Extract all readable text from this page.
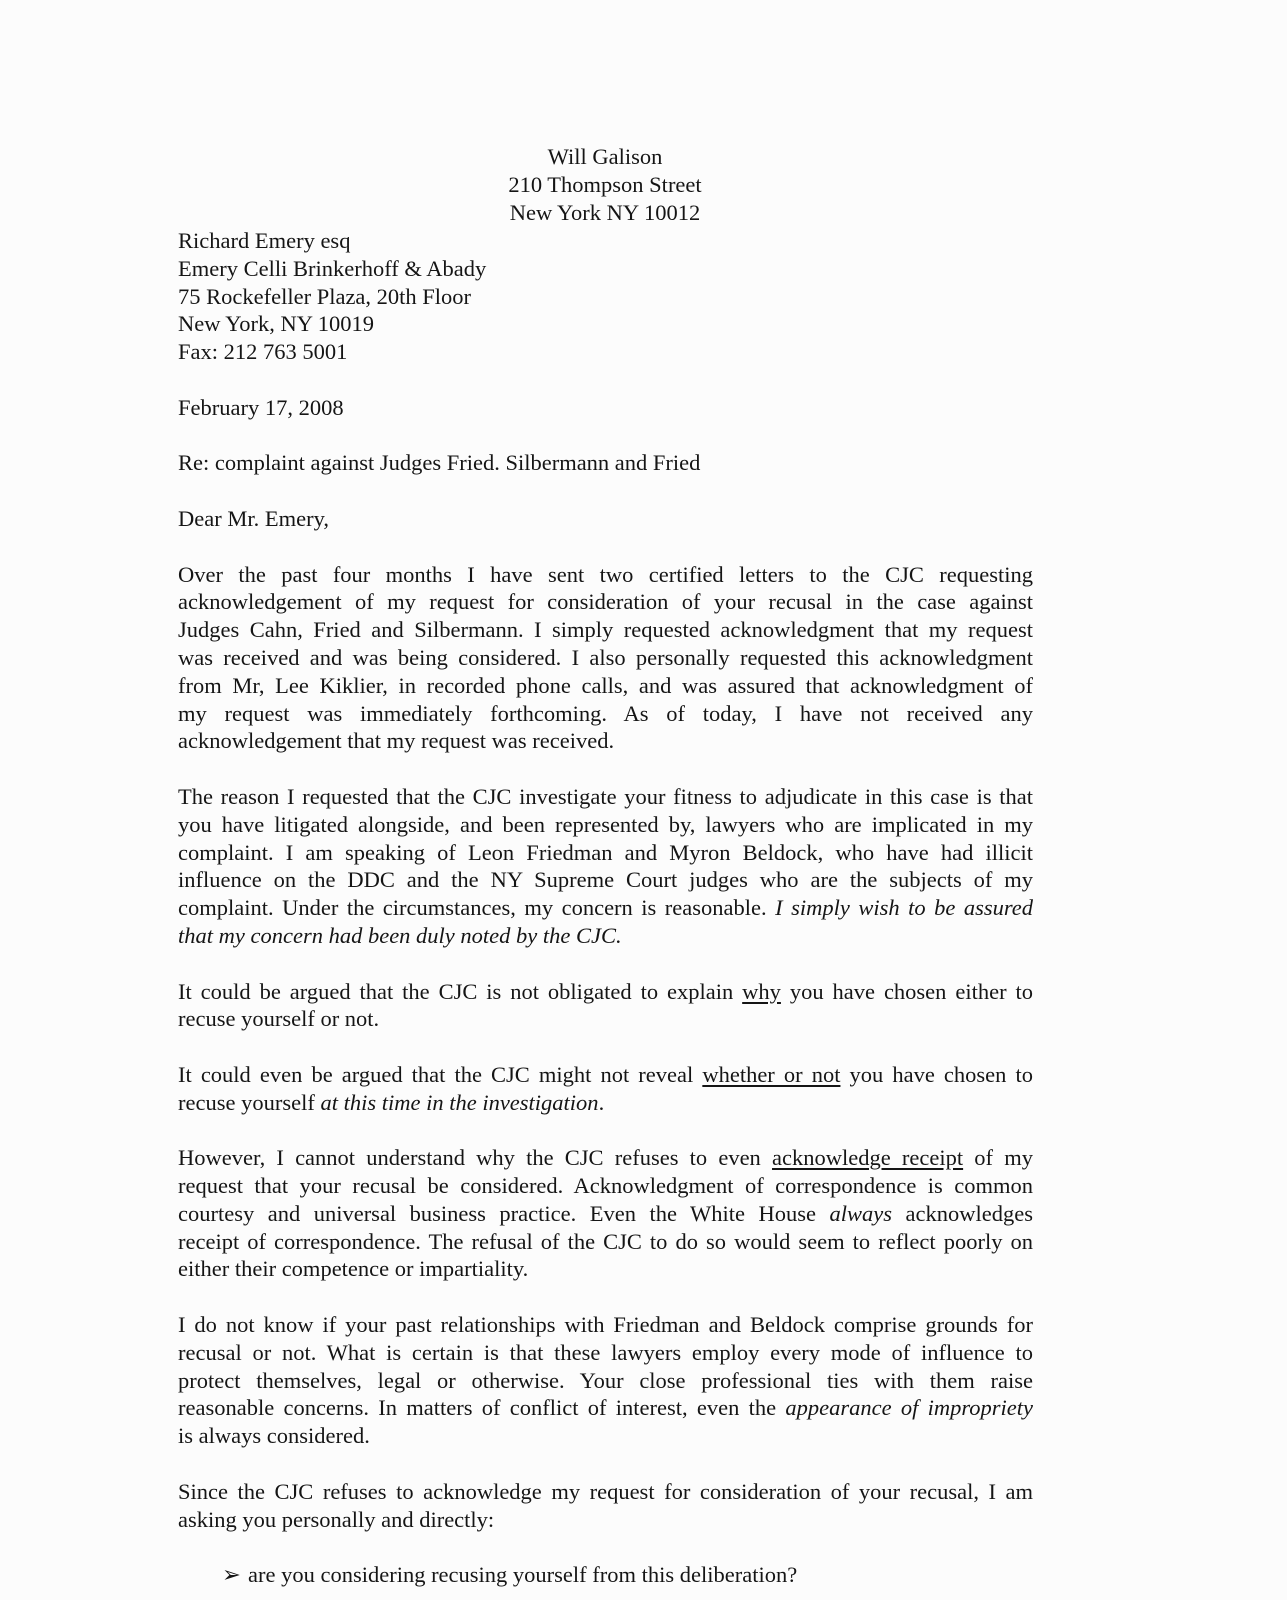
Will Galison
210 Thompson Street
New York NY 10012
Richard Emery esq
Emery Celli Brinkerhoff & Abady
75 Rockefeller Plaza, 20th Floor
New York, NY 10019
Fax: 212 763 5001
February 17, 2008
Re: complaint against Judges Fried. Silbermann and Fried
Dear Mr. Emery,
Over the past four months I have sent two certified letters to the CJC requesting
acknowledgement of my request for consideration of your recusal in the case against
Judges Cahn, Fried and Silbermann. I simply requested acknowledgment that my request
was received and was being considered. I also personally requested this acknowledgment
from Mr, Lee Kiklier, in recorded phone calls, and was assured that acknowledgment of
my request was immediately forthcoming. As of today, I have not received any
acknowledgement that my request was received.
The reason I requested that the CJC investigate your fitness to adjudicate in this case is that
you have litigated alongside, and been represented by, lawyers who are implicated in my
complaint. I am speaking of Leon Friedman and Myron Beldock, who have had illicit
influence on the DDC and the NY Supreme Court judges who are the subjects of my
complaint. Under the circumstances, my concern is reasonable. I simply wish to be assured
that my concern had been duly noted by the CJC.
It could be argued that the CJC is not obligated to explain why you have chosen either to
recuse yourself or not.
It could even be argued that the CJC might not reveal whether or not you have chosen to
recuse yourself at this time in the investigation.
However, I cannot understand why the CJC refuses to even acknowledge receipt of my
request that your recusal be considered. Acknowledgment of correspondence is common
courtesy and universal business practice. Even the White House always acknowledges
receipt of correspondence. The refusal of the CJC to do so would seem to reflect poorly on
either their competence or impartiality.
I do not know if your past relationships with Friedman and Beldock comprise grounds for
recusal or not. What is certain is that these lawyers employ every mode of influence to
protect themselves, legal or otherwise. Your close professional ties with them raise
reasonable concerns. In matters of conflict of interest, even the appearance of impropriety
is always considered.
Since the CJC refuses to acknowledge my request for consideration of your recusal, I am
asking you personally and directly:
➢ are you considering recusing yourself from this deliberation?
